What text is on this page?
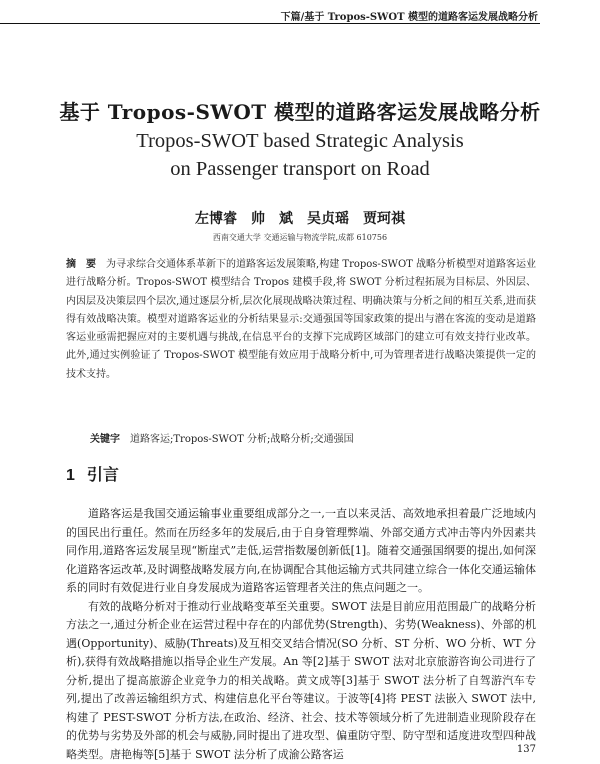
下篇/基于 Tropos-SWOT 模型的道路客运发展战略分析
基于 Tropos-SWOT 模型的道路客运发展战略分析
Tropos-SWOT based Strategic Analysis
on Passenger transport on Road
左博睿　帅　斌　吴贞瑶　贾珂祺
西南交通大学 交通运输与物流学院,成都 610756
摘　要 为寻求综合交通体系革新下的道路客运发展策略,构建 Tropos-SWOT 战略分析模型对道路客运业进行战略分析。Tropos-SWOT 模型结合 Tropos 建模手段,将 SWOT 分析过程拓展为目标层、外因层、内因层及决策层四个层次,通过逐层分析,层次化展现战略决策过程、明确决策与分析之间的相互关系,进而获得有效战略决策。模型对道路客运业的分析结果显示:交通强国等国家政策的提出与潜在客流的变动是道路客运业亟需把握应对的主要机遇与挑战,在信息平台的支撑下完成跨区域部门的建立可有效支持行业改革。此外,通过实例验证了 Tropos-SWOT 模型能有效应用于战略分析中,可为管理者进行战略决策提供一定的技术支持。
关键字 道路客运;Tropos-SWOT 分析;战略分析;交通强国
1 引言

道路客运是我国交通运输事业重要组成部分之一,一直以来灵活、高效地承担着最广泛地域内的国民出行重任。然而在历经多年的发展后,由于自身管理弊端、外部交通方式冲击等内外因素共同作用,道路客运发展呈现“断崖式”走低,运营指数屡创新低[1]。随着交通强国纲要的提出,如何深化道路客运改革,及时调整战略发展方向,在协调配合其他运输方式共同建立综合一体化交通运输体系的同时有效促进行业自身发展成为道路客运管理者关注的焦点问题之一。

有效的战略分析对于推动行业战略变革至关重要。SWOT 法是目前应用范围最广的战略分析方法之一,通过分析企业在运营过程中存在的内部优势(Strength)、劣势(Weakness)、外部的机遇(Opportunity)、威胁(Threats)及互相交叉结合情况(SO 分析、ST 分析、WO 分析、WT 分析),获得有效战略措施以指导企业生产发展。An 等[2]基于 SWOT 法对北京旅游咨询公司进行了分析,提出了提高旅游企业竞争力的相关战略。黄文成等[3]基于 SWOT 法分析了自驾游汽车专列,提出了改善运输组织方式、构建信息化平台等建议。于波等[4]将 PEST 法嵌入 SWOT 法中,构建了 PEST-SWOT 分析方法,在政治、经济、社会、技术等领域分析了先进制造业现阶段存在的优势与劣势及外部的机会与威胁,同时提出了进攻型、偏重防守型、防守型和适度进攻型四种战略类型。唐艳梅等[5]基于 SWOT 法分析了成渝公路客运	137
